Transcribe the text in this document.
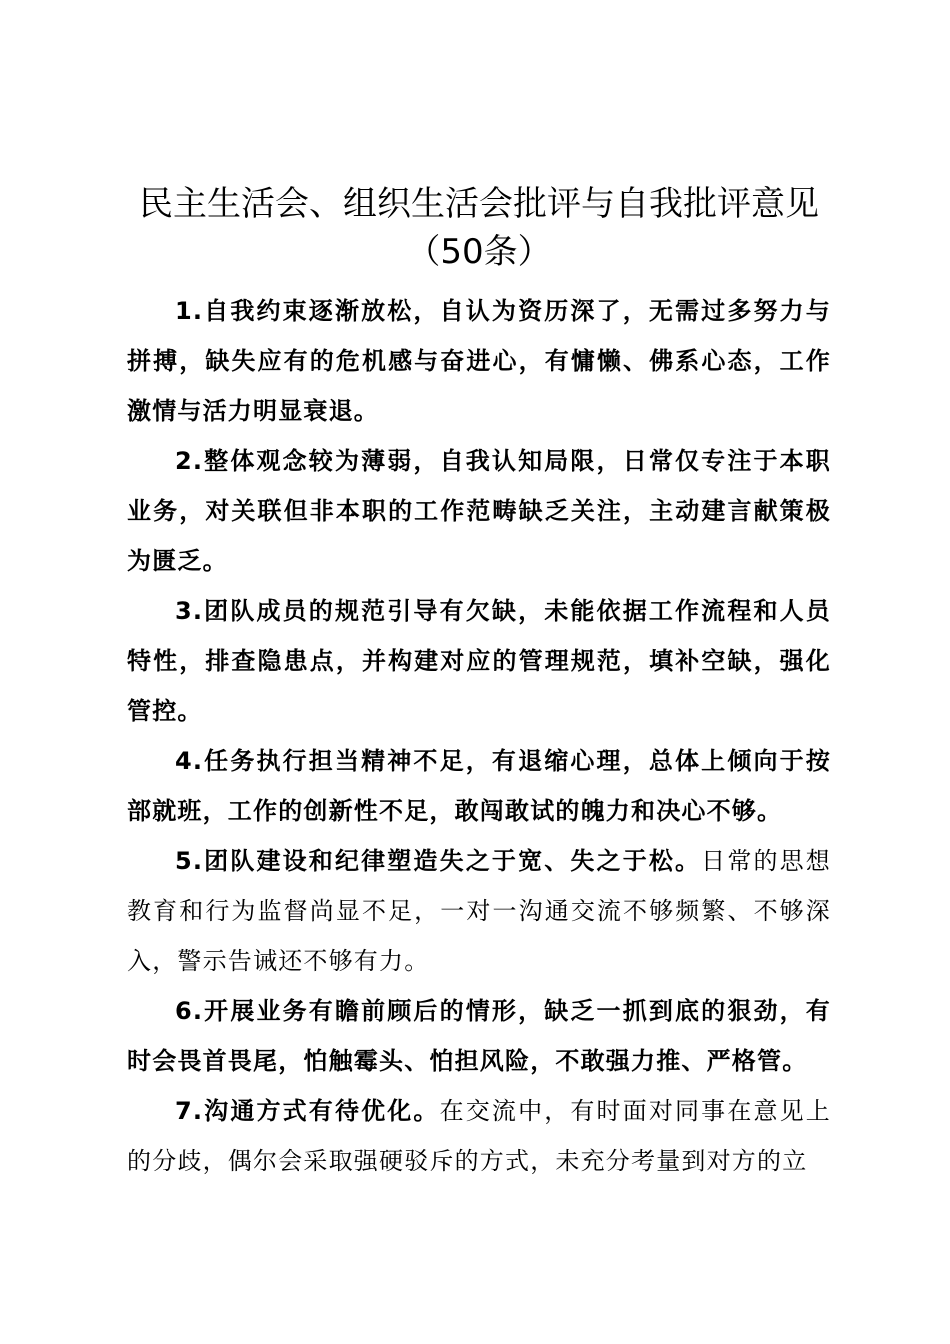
民主生活会、组织生活会批评与自我批评意见
（50条）

1.自我约束逐渐放松，自认为资历深了，无需过多努力与拼搏，缺失应有的危机感与奋进心，有慵懒、佛系心态，工作激情与活力明显衰退。

2.整体观念较为薄弱，自我认知局限，日常仅专注于本职业务，对关联但非本职的工作范畴缺乏关注，主动建言献策极为匮乏。

3.团队成员的规范引导有欠缺，未能依据工作流程和人员特性，排查隐患点，并构建对应的管理规范，填补空缺，强化管控。

4.任务执行担当精神不足，有退缩心理，总体上倾向于按部就班，工作的创新性不足，敢闯敢试的魄力和决心不够。

5.团队建设和纪律塑造失之于宽、失之于松。日常的思想教育和行为监督尚显不足，一对一沟通交流不够频繁、不够深入，警示告诫还不够有力。

6.开展业务有瞻前顾后的情形，缺乏一抓到底的狠劲，有时会畏首畏尾，怕触霉头、怕担风险，不敢强力推、严格管。

7.沟通方式有待优化。在交流中，有时面对同事在意见上的分歧，偶尔会采取强硬驳斥的方式，未充分考量到对方的立
